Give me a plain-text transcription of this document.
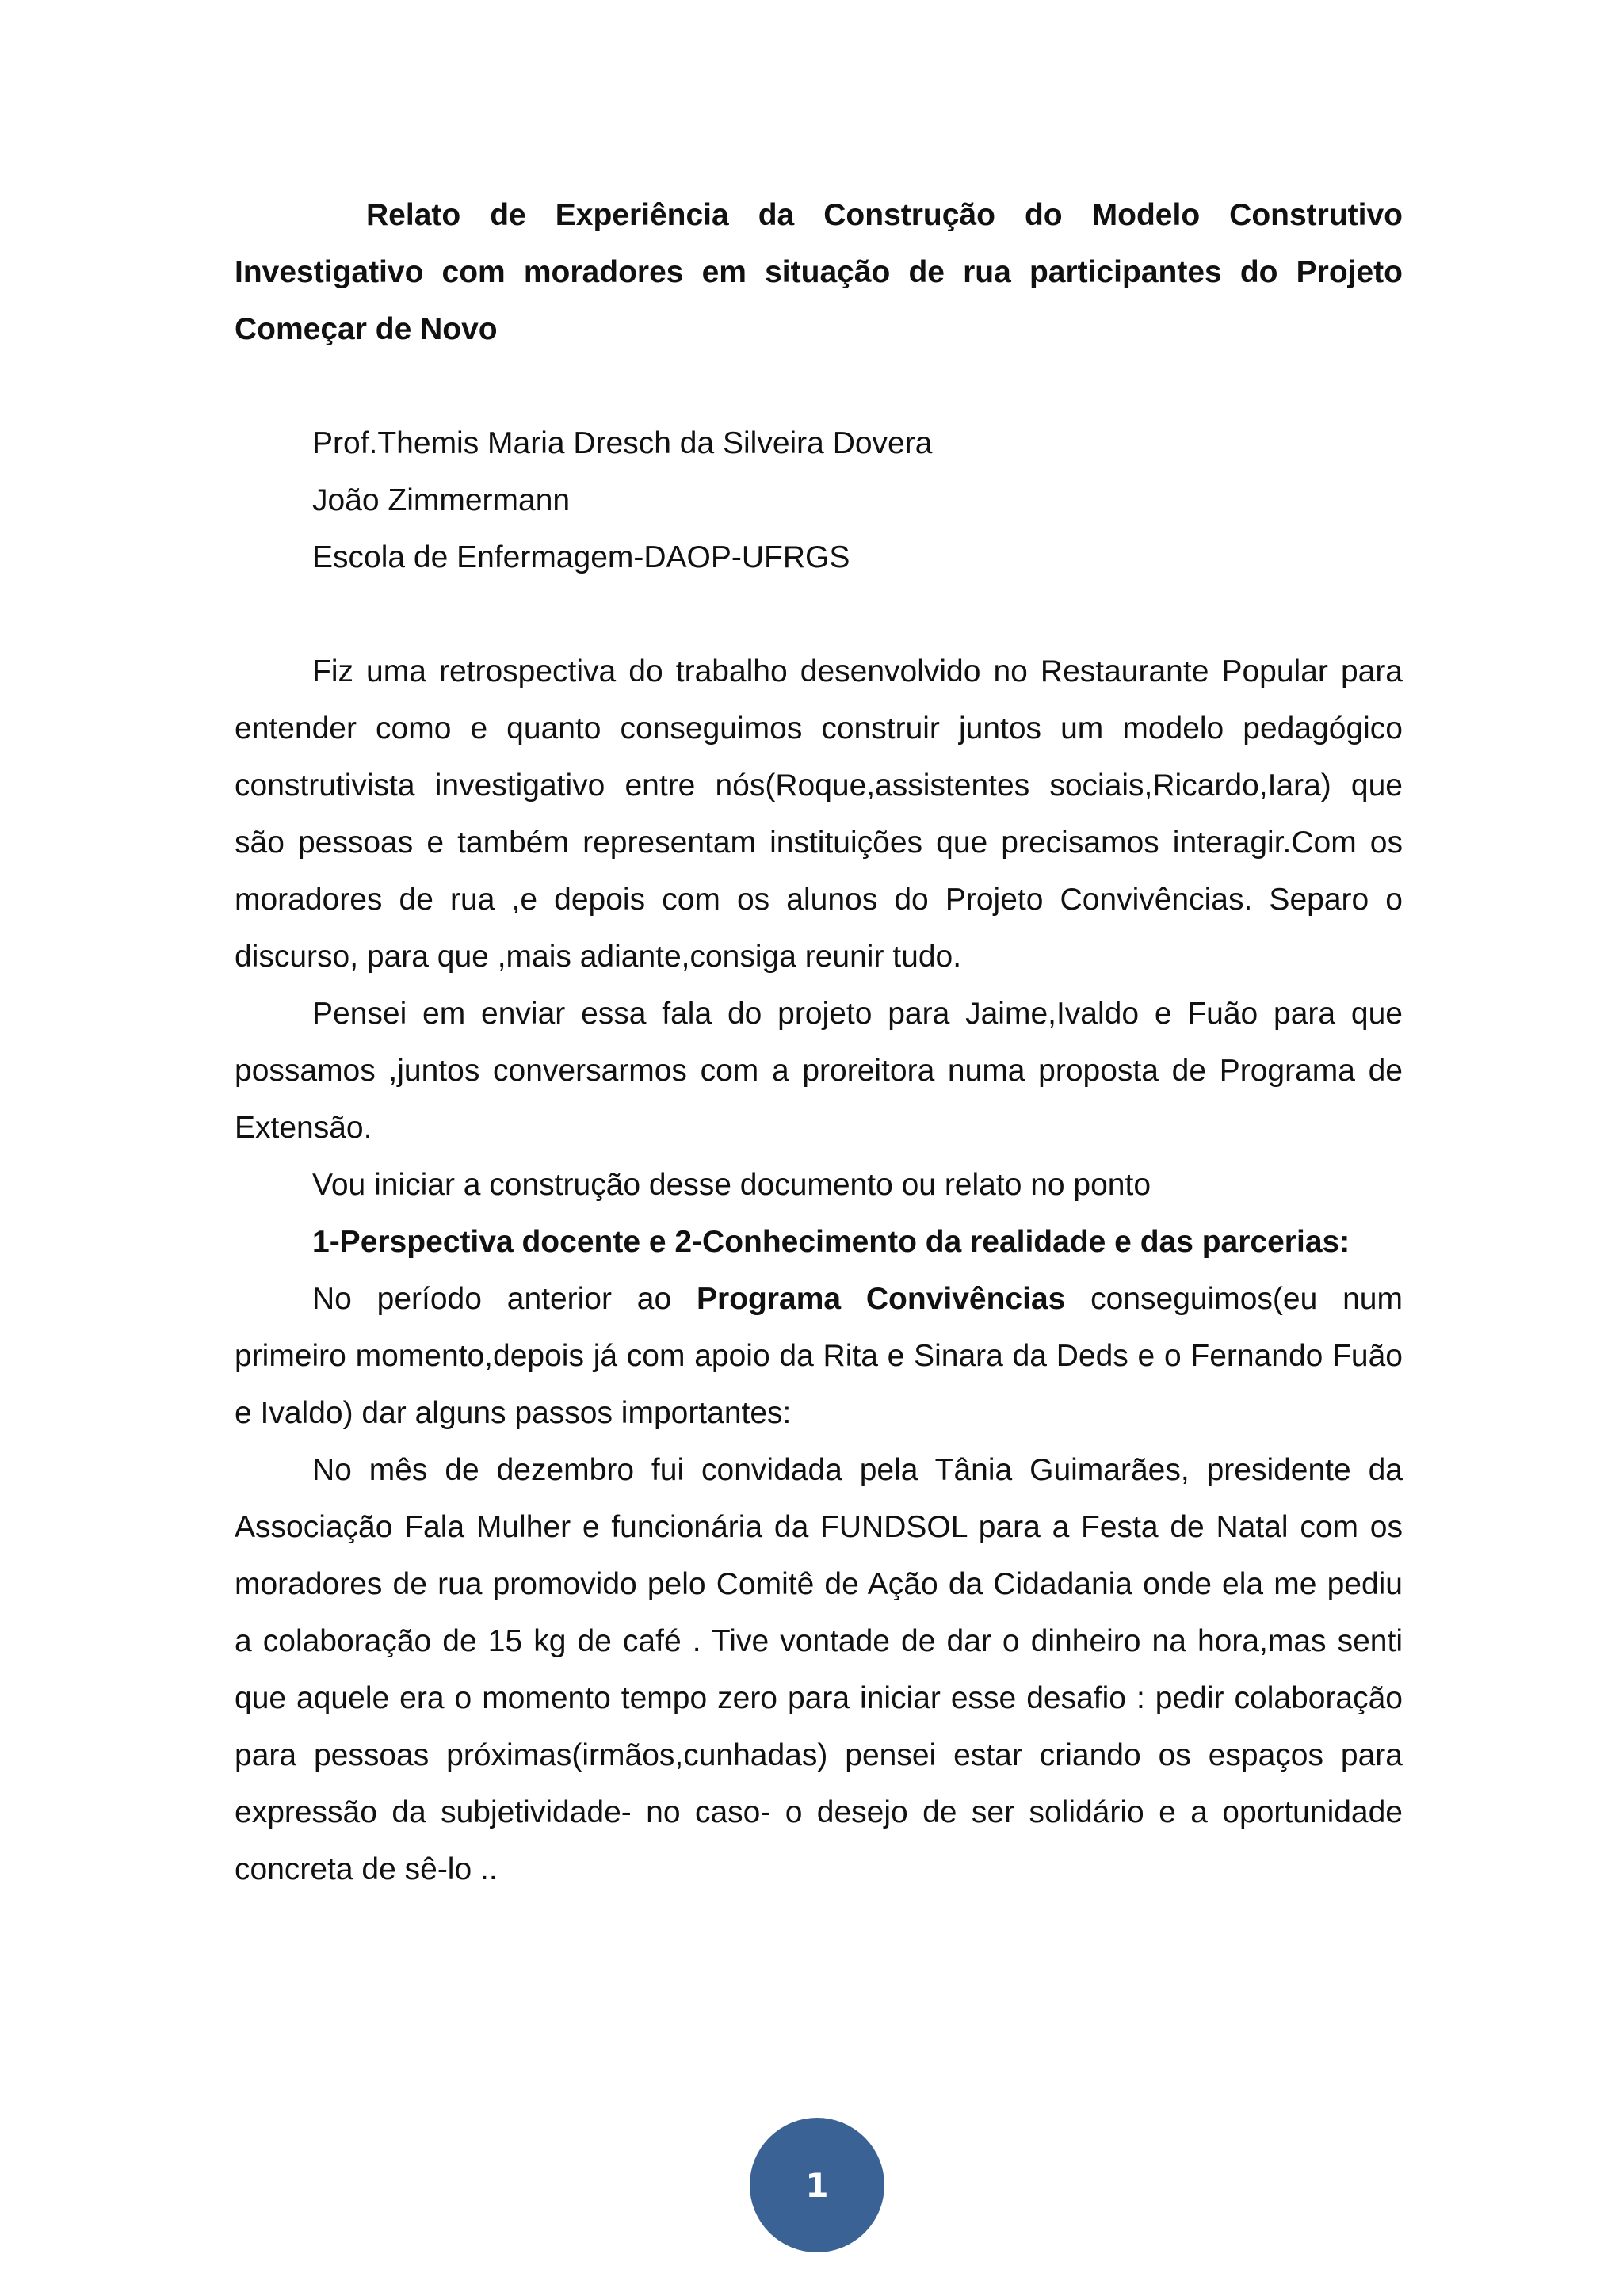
Relato de Experiência da Construção do Modelo Construtivo Investigativo com moradores em situação de rua participantes do Projeto Começar de Novo

Prof.Themis Maria Dresch da Silveira Dovera
João Zimmermann
Escola de Enfermagem-DAOP-UFRGS

Fiz uma retrospectiva do trabalho desenvolvido no Restaurante Popular para entender como e quanto conseguimos construir juntos um modelo pedagógico construtivista investigativo entre nós(Roque,assistentes sociais,Ricardo,Iara) que são pessoas e também representam instituições que precisamos interagir.Com os moradores de rua ,e depois com os alunos do Projeto Convivências. Separo o discurso, para que ,mais adiante,consiga reunir tudo.

Pensei em enviar essa fala do projeto para Jaime,Ivaldo e Fuão para que possamos ,juntos conversarmos com a proreitora numa proposta de Programa de Extensão.

Vou iniciar a construção desse documento ou relato no ponto

1-Perspectiva docente e 2-Conhecimento da realidade e das parcerias:

No período anterior ao Programa Convivências conseguimos(eu num primeiro momento,depois já com apoio da Rita e Sinara da Deds e o Fernando Fuão e Ivaldo) dar alguns passos importantes:

No mês de dezembro fui convidada pela Tânia Guimarães, presidente da Associação Fala Mulher e funcionária da FUNDSOL para a Festa de Natal com os moradores de rua promovido pelo Comitê de Ação da Cidadania onde ela me pediu a colaboração de 15 kg de café . Tive vontade de dar o dinheiro na hora,mas senti que aquele era o momento tempo zero para iniciar esse desafio : pedir colaboração para pessoas próximas(irmãos,cunhadas) pensei estar criando os espaços para expressão da subjetividade- no caso- o desejo de ser solidário e a oportunidade concreta de sê-lo ..

1
